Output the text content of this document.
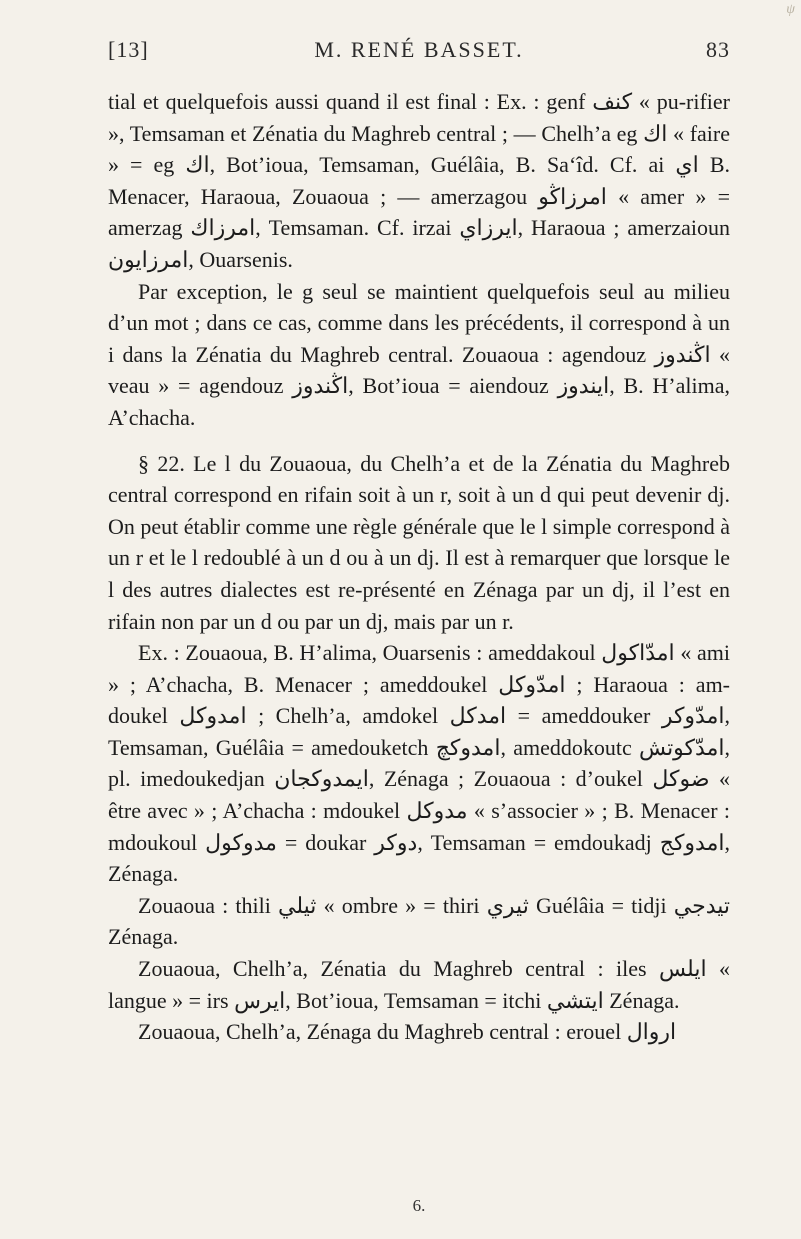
ψ
[13]	M. RENÉ BASSET.	83

tial et quelquefois aussi quand il est final : Ex. : genf كنف « pu-rifier », Temsaman et Zénatia du Maghreb central ; — Chelh’a eg اك « faire » = eg اك, Bot’ioua, Temsaman, Guélâia, B. Sa‘îd. Cf. ai اي B. Menacer, Haraoua, Zouaoua ; — amerzagou امرزاڭو « amer » = amerzag امرزاك, Temsaman. Cf. irzai ايرزاي, Haraoua ; amerzaioun امرزايون, Ouarsenis.

Par exception, le g seul se maintient quelquefois seul au milieu d’un mot ; dans ce cas, comme dans les précédents, il correspond à un i dans la Zénatia du Maghreb central. Zouaoua : agendouz اڭندوز « veau » = agendouz اڭندوز, Bot’ioua = aiendouz ايندوز, B. H’alima, A’chacha.

§ 22. Le l du Zouaoua, du Chelh’a et de la Zénatia du Maghreb central correspond en rifain soit à un r, soit à un d qui peut devenir dj. On peut établir comme une règle générale que le l simple correspond à un r et le l redoublé à un d ou à un dj. Il est à remarquer que lorsque le l des autres dialectes est re-présenté en Zénaga par un dj, il l’est en rifain non par un d ou par un dj, mais par un r.

Ex. : Zouaoua, B. H’alima, Ouarsenis : ameddakoul امدّاكول « ami » ; A’chacha, B. Menacer ; ameddoukel امدّوكل ; Haraoua : am-doukel امدوكل ; Chelh’a, amdokel امدكل = ameddouker امدّوكر, Temsaman, Guélâia = amedouketch امدوكچ, ameddokoutc امدّكوتش, pl. imedoukedjan ايمدوكجان, Zénaga ; Zouaoua : d’oukel ضوكل « être avec » ; A’chacha : mdoukel مدوكل « s’associer » ; B. Menacer : mdoukoul مدوكول = doukar دوكر, Temsaman = emdoukadj امدوكج, Zénaga.

Zouaoua : thili ثيلي « ombre » = thiri ثيري Guélâia = tidji تيدجي Zénaga.

Zouaoua, Chelh’a, Zénatia du Maghreb central : iles ايلس « langue » = irs ايرس, Bot’ioua, Temsaman = itchi ايتشي Zénaga.

Zouaoua, Chelh’a, Zénaga du Maghreb central : erouel اروال

6.
